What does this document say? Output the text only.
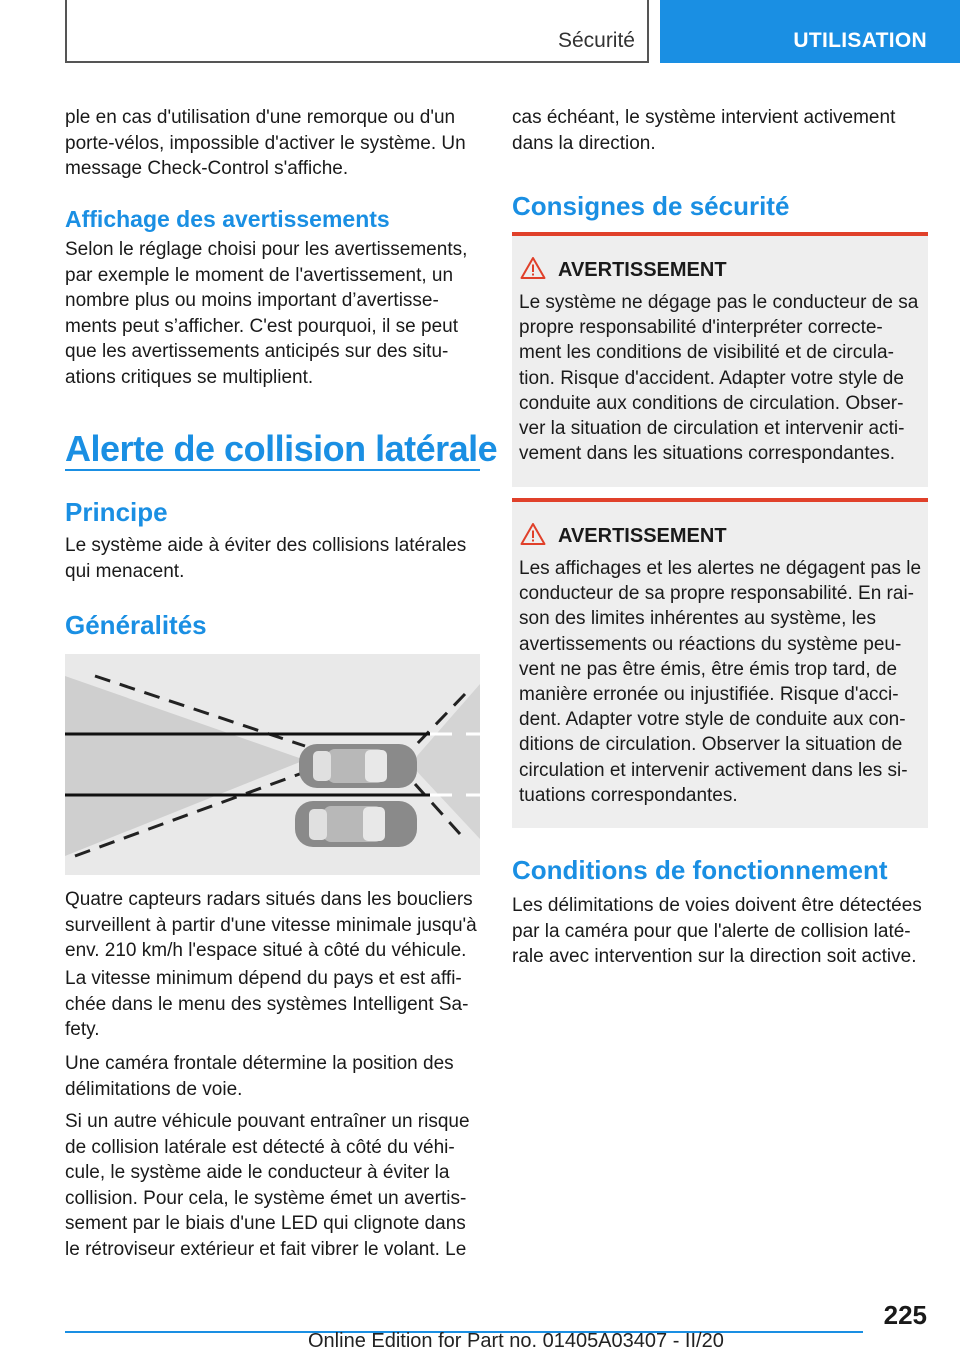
Sécurité	UTILISATION

ple en cas d'utilisation d'une remorque ou d'un
porte-vélos, impossible d'activer le système. Un
message Check-Control s'affiche.

Affichage des avertissements

Selon le réglage choisi pour les avertissements,
par exemple le moment de l'avertissement, un
nombre plus ou moins important d’avertisse-
ments peut s’afficher. C'est pourquoi, il se peut
que les avertissements anticipés sur des situ-
ations critiques se multiplient.

Alerte de collision latérale
Principe

Le système aide à éviter des collisions latérales
qui menacent.

Généralités

Quatre capteurs radars situés dans les boucliers
surveillent à partir d'une vitesse minimale jusqu'à
env. 210 km/h l'espace situé à côté du véhicule.

La vitesse minimum dépend du pays et est affi-
chée dans le menu des systèmes Intelligent Sa-
fety.

Une caméra frontale détermine la position des
délimitations de voie.

Si un autre véhicule pouvant entraîner un risque
de collision latérale est détecté à côté du véhi-
cule, le système aide le conducteur à éviter la
collision. Pour cela, le système émet un avertis-
sement par le biais d'une LED qui clignote dans
le rétroviseur extérieur et fait vibrer le volant. Le

cas échéant, le système intervient activement
dans la direction.

Consignes de sécurité
AVERTISSEMENT

Le système ne dégage pas le conducteur de sa
propre responsabilité d'interpréter correcte-
ment les conditions de visibilité et de circula-
tion. Risque d'accident. Adapter votre style de
conduite aux conditions de circulation. Obser-
ver la situation de circulation et intervenir acti-
vement dans les situations correspondantes.

AVERTISSEMENT

Les affichages et les alertes ne dégagent pas le
conducteur de sa propre responsabilité. En rai-
son des limites inhérentes au système, les
avertissements ou réactions du système peu-
vent ne pas être émis, être émis trop tard, de
manière erronée ou injustifiée. Risque d'acci-
dent. Adapter votre style de conduite aux con-
ditions de circulation. Observer la situation de
circulation et intervenir activement dans les si-
tuations correspondantes.

Conditions de fonctionnement

Les délimitations de voies doivent être détectées
par la caméra pour que l'alerte de collision laté-
rale avec intervention sur la direction soit active.

225
Online Edition for Part no. 01405A03407 - II/20
